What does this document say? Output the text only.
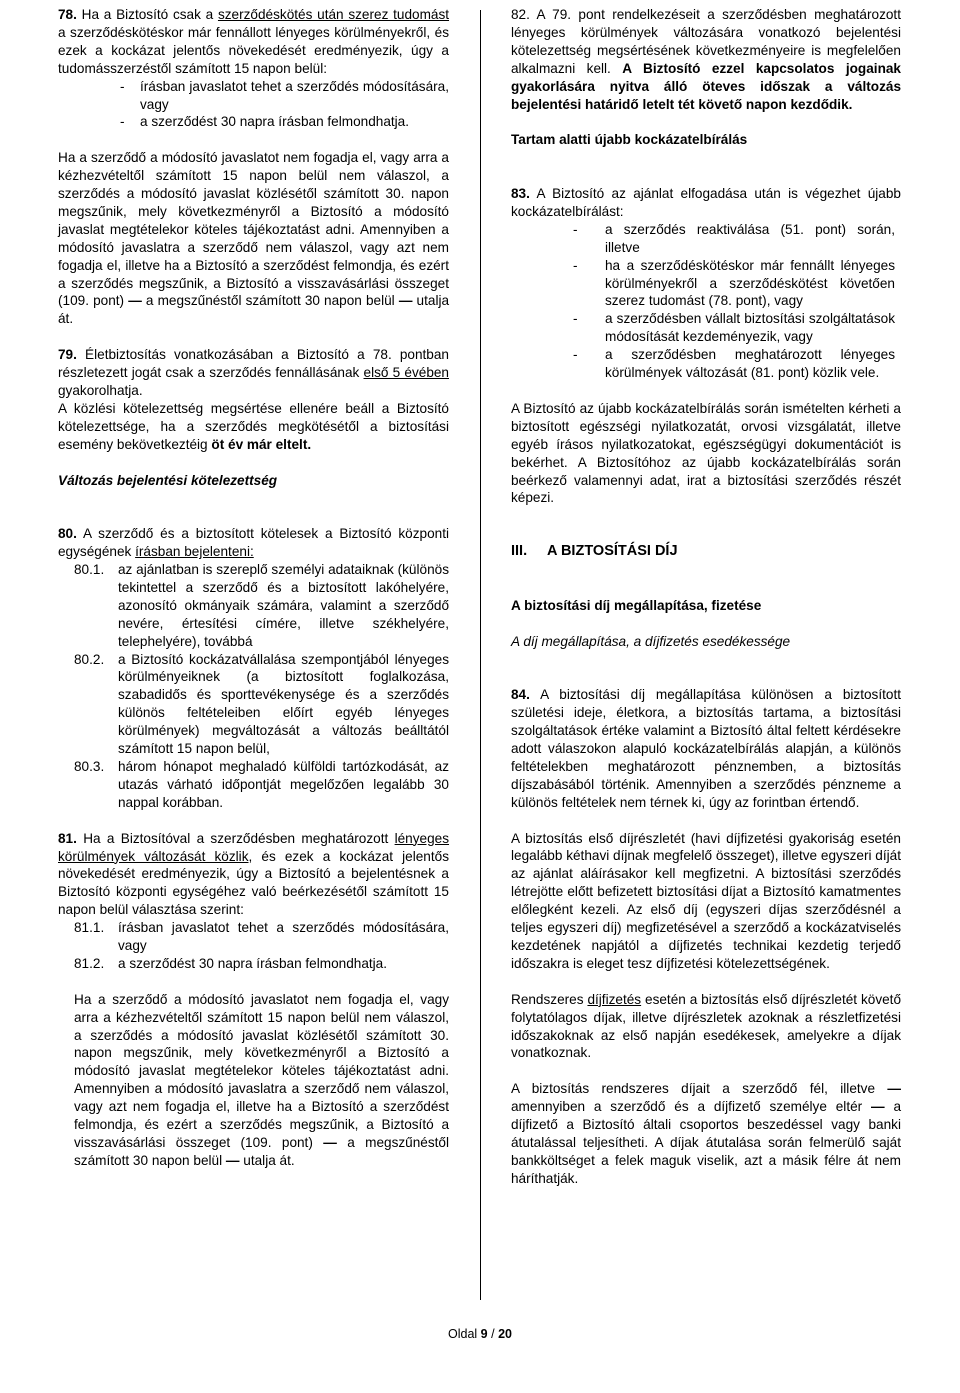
78. Ha a Biztosító csak a szerződéskötés után szerez tudomást a szerződéskötéskor már fennállott lényeges körülményekről, és ezek a kockázat jelentős növekedését eredményezik, úgy a tudomásszerzéstől számított 15 napon belül:

-	írásban javaslatot tehet a szerződés módosítására, vagy
-	a szerződést 30 napra írásban felmondhatja.

Ha a szerződő a módosító javaslatot nem fogadja el, vagy arra a kézhezvételtől számított 15 napon belül nem válaszol, a szerződés a módosító javaslat közlésétől számított 30. napon megszűnik, mely következményről a Biztosító a módosító javaslat megtételekor köteles tájékoztatást adni. Amennyiben a módosító javaslatra a szerződő nem válaszol, vagy azt nem fogadja el, illetve ha a Biztosító a szerződést felmondja, és ezért a szerződés megszűnik, a Biztosító a visszavásárlási összeget (109. pont) — a megszűnéstől számított 30 napon belül — utalja át.

79. Életbiztosítás vonatkozásában a Biztosító a 78. pontban részletezett jogát csak a szerződés fennállásának első 5 évében gyakorolhatja.

A közlési kötelezettség megsértése ellenére beáll a Biztosító kötelezettsége, ha a szerződés megkötésétől a biztosítási esemény bekövetkeztéig öt év már eltelt.

Változás bejelentési kötelezettség

80. A szerződő és a biztosított kötelesek a Biztosító központi egységének írásban bejelenteni:

80.1.	az ajánlatban is szereplő személyi adataiknak (különös tekintettel a szerződő és a biztosított lakóhelyére, azonosító okmányaik számára, valamint a szerződő nevére, értesítési címére, illetve székhelyére, telephelyére), továbbá
80.2.	a Biztosító kockázatvállalása szempontjából lényeges körülményeiknek (a biztosított foglalkozása, szabadidős és sporttevékenysége és a szerződés különös feltételeiben előírt egyéb lényeges körülmények) megváltozását a változás beálltától számított 15 napon belül,
80.3.	három hónapot meghaladó külföldi tartózkodását, az utazás várható időpontját megelőzően legalább 30 nappal korábban.

81. Ha a Biztosítóval a szerződésben meghatározott lényeges körülmények változását közlik, és ezek a kockázat jelentős növekedését eredményezik, úgy a Biztosító a bejelentésnek a Biztosító központi egységéhez való beérkezésétől számított 15 napon belül választása szerint:

81.1.	írásban javaslatot tehet a szerződés módosítására, vagy
81.2.	a szerződést 30 napra írásban felmondhatja.

Ha a szerződő a módosító javaslatot nem fogadja el, vagy arra a kézhezvételtől számított 15 napon belül nem válaszol, a szerződés a módosító javaslat közlésétől számított 30. napon megszűnik, mely következményről a Biztosító a módosító javaslat megtételekor köteles tájékoztatást adni. Amennyiben a módosító javaslatra a szerződő nem válaszol, vagy azt nem fogadja el, illetve ha a Biztosító a szerződést felmondja, és ezért a szerződés megszűnik, a Biztosító a visszavásárlási összeget (109. pont) — a megszűnéstől számított 30 napon belül — utalja át.

82. A 79. pont rendelkezéseit a szerződésben meghatározott lényeges körülmények változására vonatkozó bejelentési kötelezettség megsértésének következményeire is megfelelően alkalmazni kell. A Biztosító ezzel kapcsolatos jogainak gyakorlására nyitva álló öteves időszak a változás bejelentési határidő letelt tét követő napon kezdődik.

Tartam alatti újabb kockázatelbírálás

83. A Biztosító az ajánlat elfogadása után is végezhet újabb kockázatelbírálást:

-	a szerződés reaktiválása (51. pont) során, illetve
-	ha a szerződéskötéskor már fennállt lényeges körülményekről a szerződéskötést követően szerez tudomást (78. pont), vagy
-	a szerződésben vállalt biztosítási szolgáltatások módosítását kezdeményezik, vagy
-	a szerződésben meghatározott lényeges körülmények változását (81. pont) közlik vele.

A Biztosító az újabb kockázatelbírálás során ismételten kérheti a biztosított egészségi nyilatkozatát, orvosi vizsgálatát, illetve egyéb írásos nyilatkozatokat, egészségügyi dokumentációt is bekérhet. A Biztosítóhoz az újabb kockázatelbírálás során beérkező valamennyi adat, irat a biztosítási szerződés részét képezi.

III.	A BIZTOSÍTÁSI DÍJ

A biztosítási díj megállapítása, fizetése

A díj megállapítása, a díjfizetés esedékessége

84. A biztosítási díj megállapítása különösen a biztosított születési ideje, életkora, a biztosítás tartama, a biztosítási szolgáltatások értéke valamint a Biztosító által feltett kérdésekre adott válaszokon alapuló kockázatelbírálás alapján, a különös feltételekben meghatározott pénznemben, a biztosítás díjszabásából történik. Amennyiben a szerződés pénzneme a különös feltételek nem térnek ki, úgy az forintban értendő.

A biztosítás első díjrészletét (havi díjfizetési gyakoriság esetén legalább kéthavi díjnak megfelelő összeget), illetve egyszeri díját az ajánlat aláírásakor kell megfizetni. A biztosítási szerződés létrejötte előtt befizetett biztosítási díjat a Biztosító kamatmentes előlegként kezeli. Az első díj (egyszeri díjas szerződésnél a teljes egyszeri díj) megfizetésével a szerződő a kockázatviselés kezdetének napjától a díjfizetés technikai kezdetig terjedő időszakra is eleget tesz díjfizetési kötelezettségének.

Rendszeres díjfizetés esetén a biztosítás első díjrészletét követő folytatólagos díjak, illetve díjrészletek azoknak a részletfizetési időszakoknak az első napján esedékesek, amelyekre a díjak vonatkoznak.

A biztosítás rendszeres díjait a szerződő fél, illetve — amennyiben a szerződő és a díjfizető személye eltér — a díjfizető a Biztosító általi csoportos beszedéssel vagy banki átutalással teljesítheti. A díjak átutalása során felmerülő saját bankköltséget a felek maguk viselik, azt a másik félre át nem háríthatják.

Oldal 9 / 20
